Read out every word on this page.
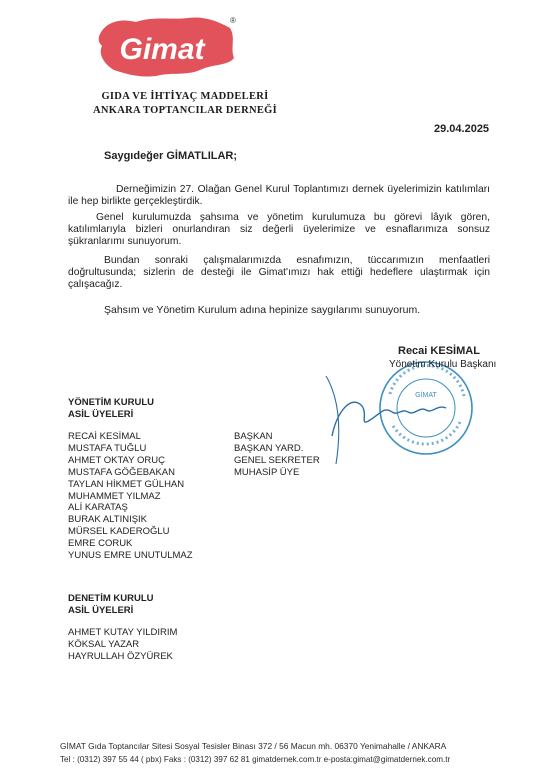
Gimat
®
GIDA VE İHTİYAÇ MADDELERİ
ANKARA TOPTANCILAR DERNEĞİ
29.04.2025
Saygıdeğer GİMATLILAR;
Derneğimizin 27. Olağan Genel Kurul Toplantımızı dernek üyelerimizin katılımları ile hep birlikte gerçekleştirdik.
Genel kurulumuzda şahsıma ve yönetim kurulumuza bu görevi lâyık gören, katılımlarıyla bizleri onurlandıran siz değerli üyelerimize ve esnaflarımıza sonsuz şükranlarımı sunuyorum.
Bundan sonraki çalışmalarımızda esnafımızın, tüccarımızın menfaatleri doğrultusunda; sizlerin de desteği ile Gimat'ımızı hak ettiği hedeflere ulaştırmak için çalışacağız.
Şahsım ve Yönetim Kurulum adına hepinize saygılarımı sunuyorum.
GİMAT
Recai KESİMAL
Yönetim Kurulu Başkanı
YÖNETİM KURULU
ASİL ÜYELERİ
RECAİ KESİMAL
MUSTAFA TUĞLU
AHMET OKTAY ORUÇ
MUSTAFA GÖĞEBAKAN
TAYLAN HİKMET GÜLHAN
MUHAMMET YILMAZ
ALİ KARATAŞ
BURAK ALTINIŞIK
MÜRSEL KADEROĞLU
EMRE CORUK
YUNUS EMRE UNUTULMAZ
BAŞKAN
BAŞKAN YARD.
GENEL SEKRETER
MUHASİP ÜYE
DENETİM KURULU
ASİL ÜYELERİ
AHMET KUTAY YILDIRIM
KÖKSAL YAZAR
HAYRULLAH ÖZYÜREK
GİMAT Gıda Toptancılar Sitesi Sosyal Tesisler Binası 372 / 56 Macun mh. 06370 Yenimahalle / ANKARA
Tel : (0312) 397 55 44 ( pbx) Faks : (0312) 397 62 81 gimatdernek.com.tr e-posta:gimat@gimatdernek.com.tr
